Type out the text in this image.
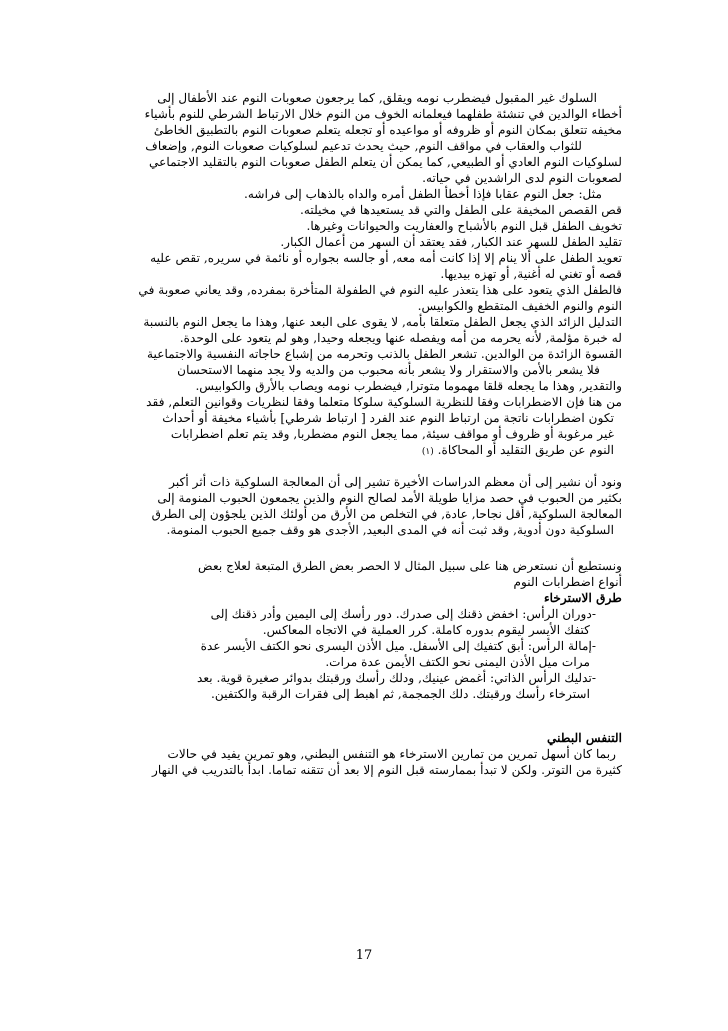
السلوك غير المقبول فيضطرب نومه ويقلق, كما يرجعون صعوبات النوم عند الأطفال إلى
أخطاء الوالدين في تنشئة طفلهما فيعلمانه الخوف من النوم خلال الارتباط الشرطي للنوم بأشياء
مخيفه تتعلق بمكان النوم أو ظروفه أو مواعيده أو تجعله يتعلم صعوبات النوم بالتطبيق الخاطئ
للثواب والعقاب في مواقف النوم, حيث يحدث تدعيم لسلوكيات صعوبات النوم, وإضعاف
لسلوكيات النوم العادي أو الطبيعي, كما يمكن أن يتعلم الطفل صعوبات النوم بالتقليد الاجتماعي
لصعوبات النوم لدى الراشدين في حياته.
مثل: جعل النوم عقابا فإذا أخطأ الطفل أمره والداه بالذهاب إلى فراشه.
قص القصص المخيفة على الطفل والتي قد يستعيدها في مخيلته.
تخويف الطفل قبل النوم بالأشباح والعفاريت والحيوانات وغيرها.
تقليد الطفل للسهر عند الكبار, فقد يعتقد أن السهر من أعمال الكبار.
تعويد الطفل على ألا ينام إلا إذا كانت أمه معه, أو جالسه بجواره أو نائمة في سريره, تقص عليه
قصه أو تغني له أغنية, أو تهزه بيديها.
فالطفل الذي يتعود على هذا يتعذر عليه النوم في الطفولة المتأخرة بمفرده, وقد يعاني صعوبة في
النوم والنوم الخفيف المتقطع والكوابيس.
التدليل الزائد الذي يجعل الطفل متعلقا بأمه, لا يقوى على البعد عنها, وهذا ما يجعل النوم بالنسبة
له خبرة مؤلمة, لأنه يحرمه من أمه ويفصله عنها ويجعله وحيدا, وهو لم يتعود على الوحدة.
القسوة الزائدة من الوالدين. تشعر الطفل بالذنب وتحرمه من إشباع حاجاته النفسية والاجتماعية
فلا يشعر بالأمن والاستقرار ولا يشعر بأنه محبوب من والديه ولا يجد منهما الاستحسان
والتقدير, وهذا ما يجعله قلقا مهموما متوترا, فيضطرب نومه ويصاب بالأرق والكوابيس.
من هنا فإن الاضطرابات وفقا للنظرية السلوكية سلوكا متعلما وفقا لنظريات وقوانين التعلم, فقد
تكون اضطرابات ناتجة من ارتباط النوم عند الفرد [ ارتباط شرطي] بأشياء مخيفة أو أحداث
غير مرغوبة أو ظروف أو مواقف سيئة, مما يجعل النوم مضطربا, وقد يتم تعلم اضطرابات
النوم عن طريق التقليد أو المحاكاة. (١)
ونود أن نشير إلى أن معظم الدراسات الأخيرة تشير إلى أن المعالجة السلوكية ذات أثر أكبر
بكثير من الحبوب في حصد مزايا طويلة الأمد لصالح النوم والذين يجمعون الحبوب المنومة إلى
المعالجة السلوكية, أقل نجاحا, عادة, في التخلص من الأرق من أولئك الذين يلجؤون إلى الطرق
السلوكية دون أدوية, وقد ثبت أنه في المدى البعيد, الأجدى هو وقف جميع الحبوب المنومة.
ونستطيع أن نستعرض هنا على سبيل المثال لا الحصر بعض الطرق المتبعة لعلاج بعض
أنواع اضطرابات النوم
طرق الاسترخاء
-دوران الرأس: اخفض ذقنك إلى صدرك. دور رأسك إلى اليمين وأدر ذقنك إلى
كتفك الأيسر ليقوم بدوره كاملة. كرر العملية في الاتجاه المعاكس.
-إمالة الرأس: أبق كتفيك إلى الأسفل. ميل الأذن اليسرى نحو الكتف الأيسر عدة
مرات ميل الأذن اليمنى نحو الكتف الأيمن عدة مرات.
-تدليك الرأس الذاتي: أغمض عينيك, ودلك رأسك ورقبتك بدوائر صغيرة قوية. بعد
استرخاء رأسك ورقبتك. دلك الجمجمة, ثم اهبط إلى فقرات الرقبة والكتفين.
التنفس البطني
ربما كان أسهل تمرين من تمارين الاسترخاء هو التنفس البطني, وهو تمرين يفيد في حالات
كثيرة من التوتر. ولكن لا تبدأ بممارسته قبل النوم إلا بعد أن تتقنه تماما. ابدأ بالتدريب في النهار
17
